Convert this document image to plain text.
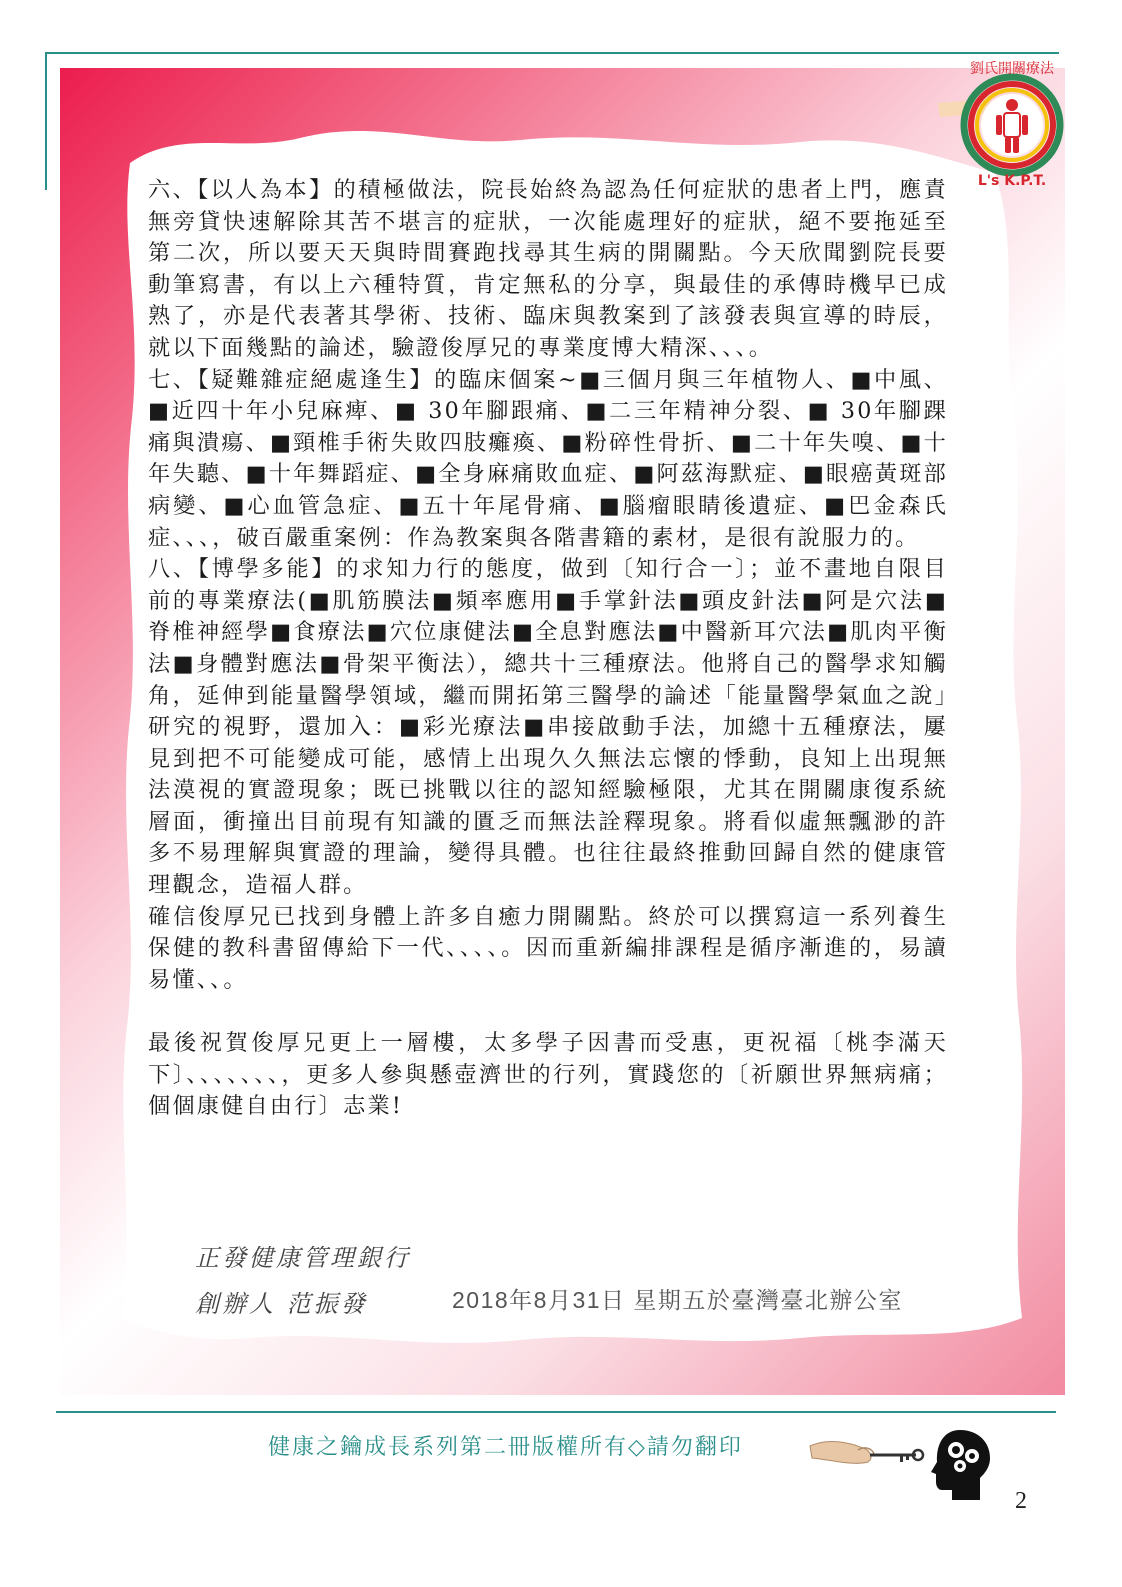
劉氏開關療法
L's K.P.T.

六、【以人為本】的積極做法，院長始終為認為任何症狀的患者上門，應責無旁貸快速解除其苦不堪言的症狀，一次能處理好的症狀，絕不要拖延至第二次，所以要天天與時間賽跑找尋其生病的開關點。今天欣聞劉院長要動筆寫書，有以上六種特質，肯定無私的分享，與最佳的承傳時機早已成熟了，亦是代表著其學術、技術、臨床與教案到了該發表與宣導的時辰，就以下面幾點的論述，驗證俊厚兄的專業度博大精深、、、。

七、【疑難雜症絕處逢生】的臨床個案~■三個月與三年植物人、■中風、■近四十年小兒麻痺、■ 30年腳跟痛、■二三年精神分裂、■ 30年腳踝痛與潰瘍、■頸椎手術失敗四肢癱瘓、■粉碎性骨折、■二十年失嗅、■十年失聽、■十年舞蹈症、■全身麻痛敗血症、■阿茲海默症、■眼癌黃斑部病變、■心血管急症、■五十年尾骨痛、■腦瘤眼睛後遺症、■巴金森氏症、、、，破百嚴重案例：作為教案與各階書籍的素材，是很有說服力的。

八、【博學多能】的求知力行的態度，做到〔知行合一〕；並不畫地自限目前的專業療法(■肌筋膜法■頻率應用■手掌針法■頭皮針法■阿是穴法■脊椎神經學■食療法■穴位康健法■全息對應法■中醫新耳穴法■肌肉平衡法■身體對應法■骨架平衡法），總共十三種療法。他將自己的醫學求知觸角，延伸到能量醫學領域，繼而開拓第三醫學的論述「能量醫學氣血之說」研究的視野，還加入：■彩光療法■串接啟動手法，加總十五種療法，屢見到把不可能變成可能，感情上出現久久無法忘懷的悸動，良知上出現無法漠視的實證現象；既已挑戰以往的認知經驗極限，尤其在開關康復系統層面，衝撞出目前現有知識的匱乏而無法詮釋現象。將看似虛無飄渺的許多不易理解與實證的理論，變得具體。也往往最終推動回歸自然的健康管理觀念，造福人群。

確信俊厚兄已找到身體上許多自癒力開關點。終於可以撰寫這一系列養生保健的教科書留傳給下一代、、、、。因而重新編排課程是循序漸進的，易讀易懂、、。

最後祝賀俊厚兄更上一層樓，太多學子因書而受惠，更祝福〔桃李滿天下〕、、、、、、、，更多人參與懸壺濟世的行列，實踐您的〔祈願世界無病痛；個個康健自由行〕志業!

正發健康管理銀行
創辦人 范振發	2018年8月31日 星期五於臺灣臺北辦公室
健康之鑰成長系列第二冊版權所有◇請勿翻印
2
